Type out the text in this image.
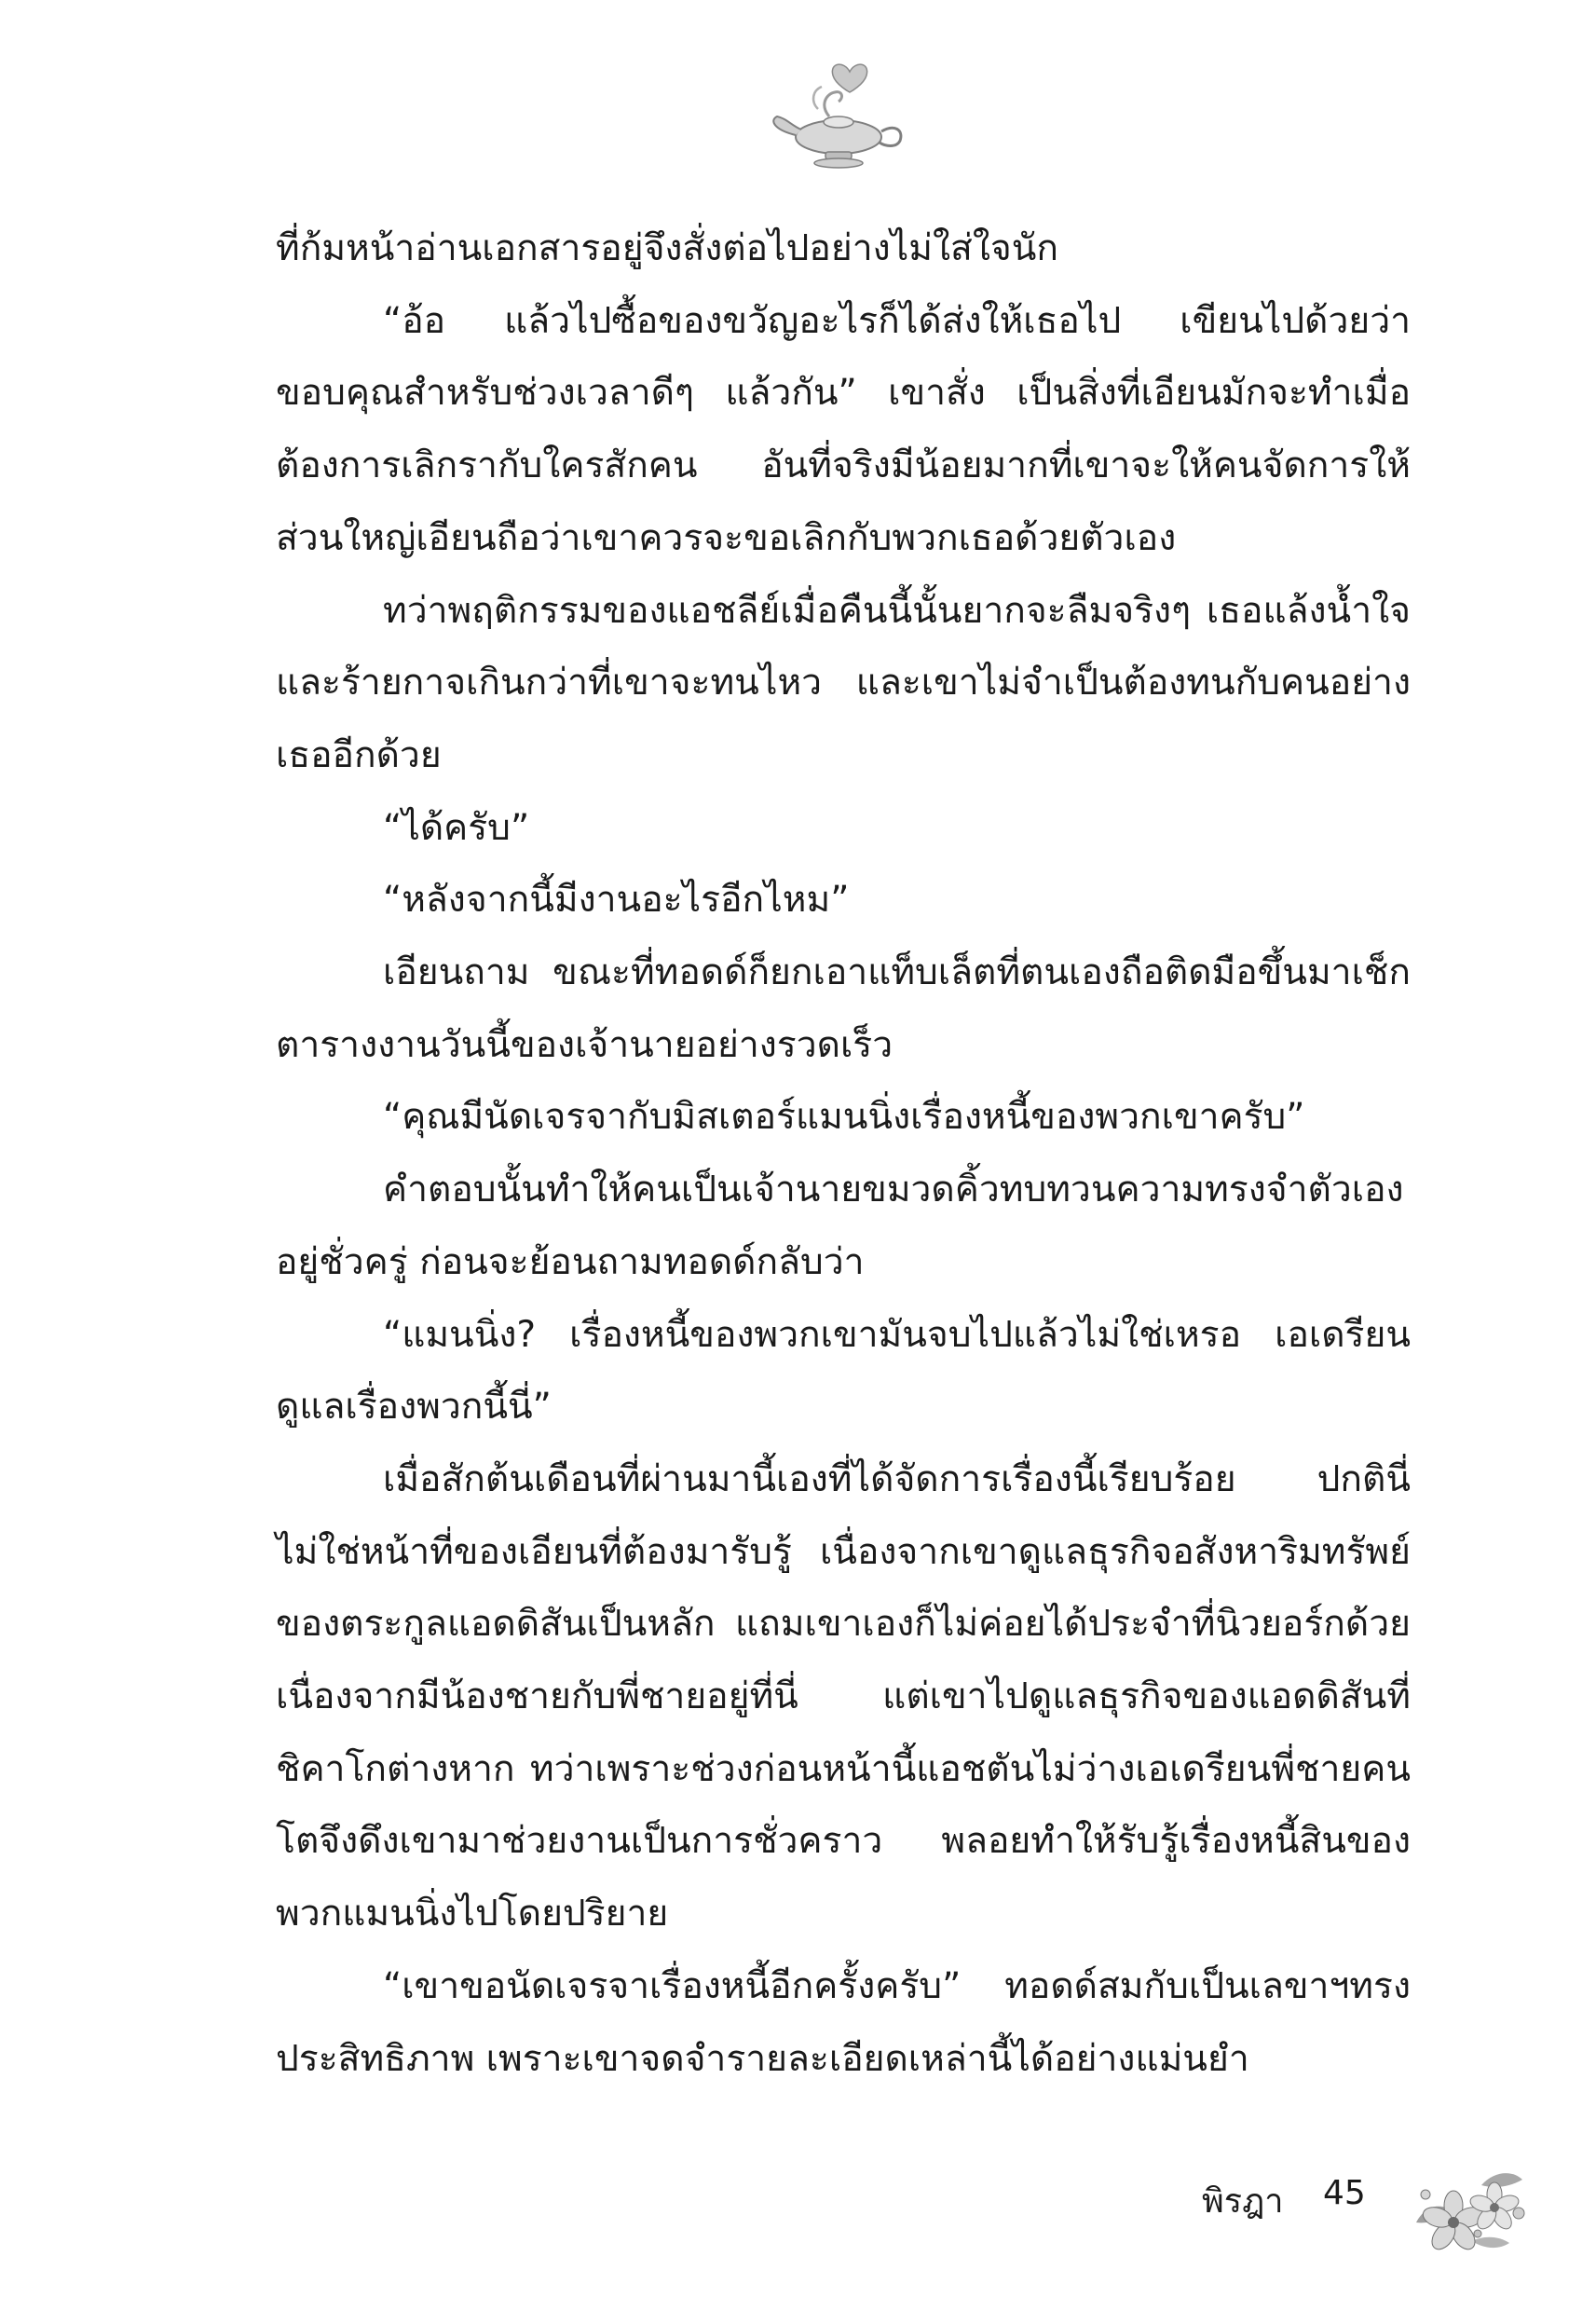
ที่ก้มหน้าอ่านเอกสารอยู่จึงสั่งต่อไปอย่างไม่ใส่ใจนัก

“อ้อ แล้วไปซื้อของขวัญอะไรก็ได้ส่งให้เธอไป เขียนไปด้วยว่าขอบคุณสำหรับช่วงเวลาดีๆ แล้วกัน” เขาสั่ง เป็นสิ่งที่เอียนมักจะทำเมื่อต้องการเลิกรากับใครสักคน อันที่จริงมีน้อยมากที่เขาจะให้คนจัดการให้ ส่วนใหญ่เอียนถือว่าเขาควรจะขอเลิกกับพวกเธอด้วยตัวเอง

ทว่าพฤติกรรมของแอชลีย์เมื่อคืนนี้นั้นยากจะลืมจริงๆ เธอแล้งน้ำใจและร้ายกาจเกินกว่าที่เขาจะทนไหว และเขาไม่จำเป็นต้องทนกับคนอย่างเธออีกด้วย

“ได้ครับ”

“หลังจากนี้มีงานอะไรอีกไหม”

เอียนถาม ขณะที่ทอดด์ก็ยกเอาแท็บเล็ตที่ตนเองถือติดมือขึ้นมาเช็กตารางงานวันนี้ของเจ้านายอย่างรวดเร็ว

“คุณมีนัดเจรจากับมิสเตอร์แมนนิ่งเรื่องหนี้ของพวกเขาครับ”

คำตอบนั้นทำให้คนเป็นเจ้านายขมวดคิ้วทบทวนความทรงจำตัวเองอยู่ชั่วครู่ ก่อนจะย้อนถามทอดด์กลับว่า

“แมนนิ่ง? เรื่องหนี้ของพวกเขามันจบไปแล้วไม่ใช่เหรอ เอเดรียนดูแลเรื่องพวกนี้นี่”

เมื่อสักต้นเดือนที่ผ่านมานี้เองที่ได้จัดการเรื่องนี้เรียบร้อย ปกตินี่ไม่ใช่หน้าที่ของเอียนที่ต้องมารับรู้ เนื่องจากเขาดูแลธุรกิจอสังหาริมทรัพย์ของตระกูลแอดดิสันเป็นหลัก แถมเขาเองก็ไม่ค่อยได้ประจำที่นิวยอร์กด้วย เนื่องจากมีน้องชายกับพี่ชายอยู่ที่นี่ แต่เขาไปดูแลธุรกิจของแอดดิสันที่ชิคาโกต่างหาก ทว่าเพราะช่วงก่อนหน้านี้แอชตันไม่ว่างเอเดรียนพี่ชายคนโตจึงดึงเขามาช่วยงานเป็นการชั่วคราว พลอยทำให้รับรู้เรื่องหนี้สินของพวกแมนนิ่งไปโดยปริยาย

“เขาขอนัดเจรจาเรื่องหนี้อีกครั้งครับ” ทอดด์สมกับเป็นเลขาฯทรงประสิทธิภาพ เพราะเขาจดจำรายละเอียดเหล่านี้ได้อย่างแม่นยำ

พิรฎา 45
